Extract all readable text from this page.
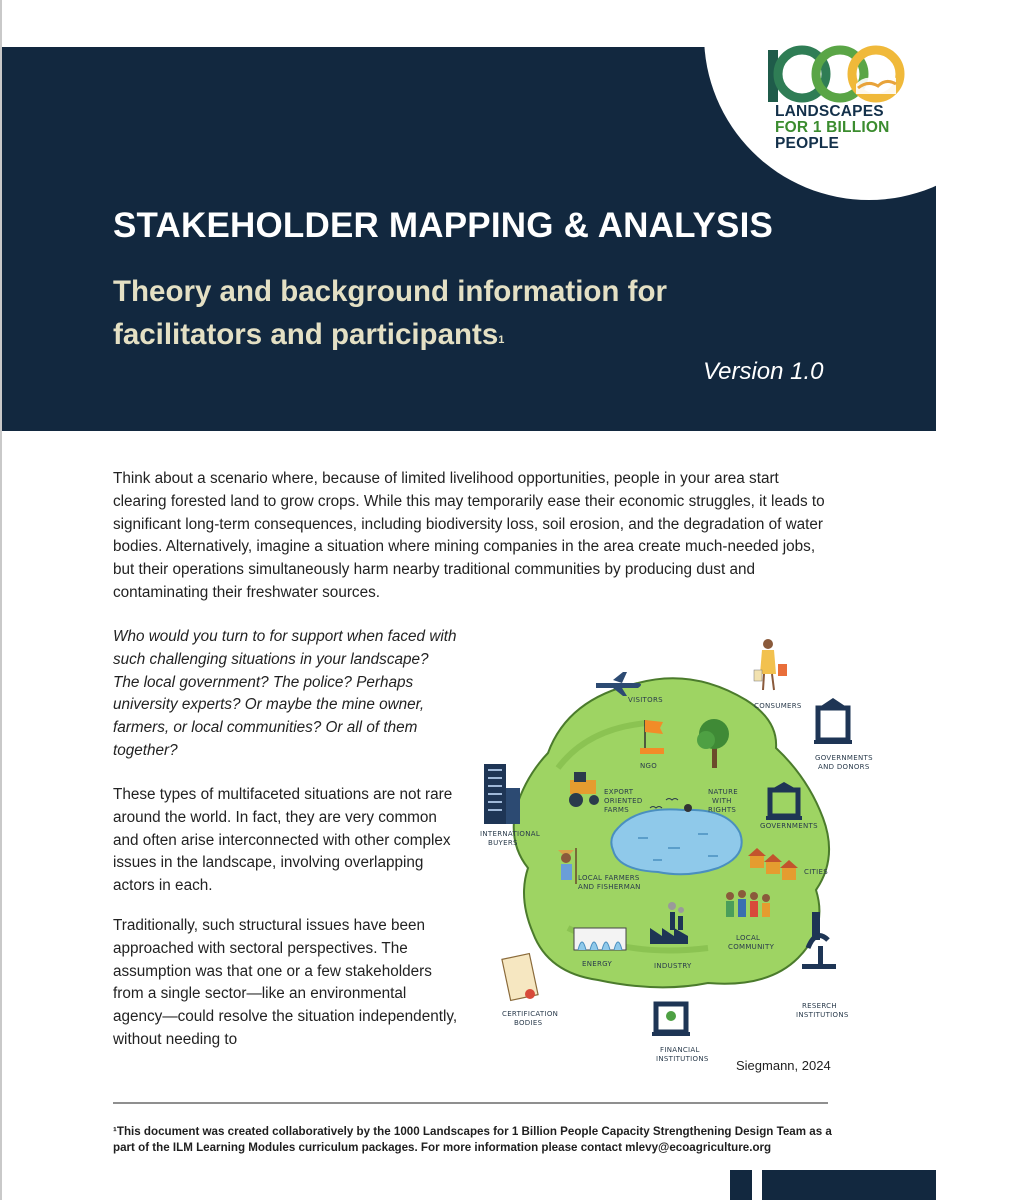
LANDSCAPES
FOR 1 BILLION
PEOPLE
STAKEHOLDER MAPPING & ANALYSIS
Theory and background information for facilitators and participants$^1$
Version 1.0

Think about a scenario where, because of limited livelihood opportunities, people in your area start clearing forested land to grow crops. While this may temporarily ease their economic struggles, it leads to significant long-term consequences, including biodiversity loss, soil erosion, and the degradation of water bodies. Alternatively, imagine a situation where mining companies in the area create much-needed jobs, but their operations simultaneously harm nearby traditional communities by producing dust and contaminating their freshwater sources.

Who would you turn to for support when faced with such challenging situations in your landscape? The local government? The police? Perhaps university experts? Or maybe the mine owner, farmers, or local communities? Or all of them together?

These types of multifaceted situations are not rare around the world. In fact, they are very common and often arise interconnected with other complex issues in the landscape, involving overlapping actors in each.

Traditionally, such structural issues have been approached with sectoral perspectives. The assumption was that one or a few stakeholders from a single sector—like an environmental agency—could resolve the situation independently, without needing to

VISITORS
CONSUMERS
GOVERNMENTS
AND DONORS
NGO
EXPORT
ORIENTED
FARMS
NATURE
WITH
RIGHTS
GOVERNMENTS
INTERNATIONAL
BUYERS
LOCAL FARMERS
AND FISHERMAN
CITIES
LOCAL
COMMUNITY
ENERGY	INDUSTRY
RESERCH
INSTITUTIONS
CERTIFICATION
BODIES
FINANCIAL
INSTITUTIONS Siegmann, 2024

¹This document was created collaboratively by the 1000 Landscapes for 1 Billion People Capacity Strengthening Design Team as a part of the ILM Learning Modules curriculum packages. For more information please contact mlevy@ecoagriculture.org
